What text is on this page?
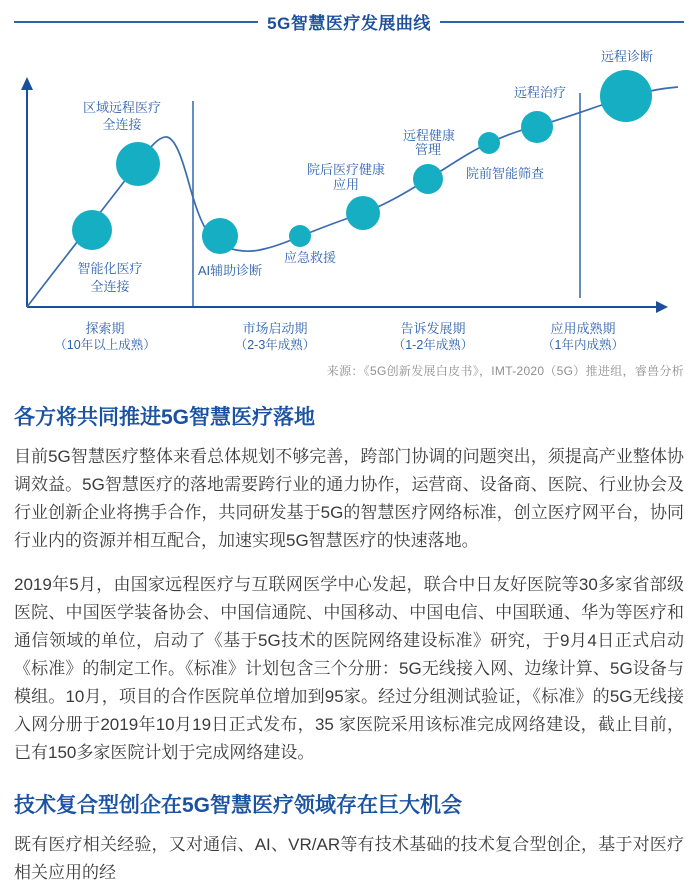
5G智慧医疗发展曲线
区域远程医疗
全连接
智能化医疗
全连接
AI辅助诊断
应急救援
院后医疗健康
应用
远程健康
管理
院前智能筛查
远程治疗
远程诊断
探索期
（10年以上成熟）
市场启动期
（2-3年成熟）
告诉发展期
（1-2年成熟）
应用成熟期
（1年内成熟）
来源：《5G创新发展白皮书》，IMT-2020（5G）推进组，睿兽分析
各方将共同推进5G智慧医疗落地

目前5G智慧医疗整体来看总体规划不够完善，跨部门协调的问题突出，须提高产业整体协调效益。5G智慧医疗的落地需要跨行业的通力协作，运营商、设备商、医院、行业协会及行业创新企业将携手合作，共同研发基于5G的智慧医疗网络标准，创立医疗网平台，协同行业内的资源并相互配合，加速实现5G智慧医疗的快速落地。

2019年5月，由国家远程医疗与互联网医学中心发起，联合中日友好医院等30多家省部级医院、中国医学装备协会、中国信通院、中国移动、中国电信、中国联通、华为等医疗和通信领域的单位，启动了《基于5G技术的医院网络建设标准》研究，于9月4日正式启动《标准》的制定工作。《标准》计划包含三个分册：5G无线接入网、边缘计算、5G设备与模组。10月，项目的合作医院单位增加到95家。经过分组测试验证，《标准》的5G无线接入网分册于2019年10月19日正式发布，35 家医院采用该标准完成网络建设，截止目前，已有150多家医院计划于完成网络建设。

技术复合型创企在5G智慧医疗领域存在巨大机会

既有医疗相关经验，又对通信、AI、VR/AR等有技术基础的技术复合型创企，基于对医疗相关应用的经
